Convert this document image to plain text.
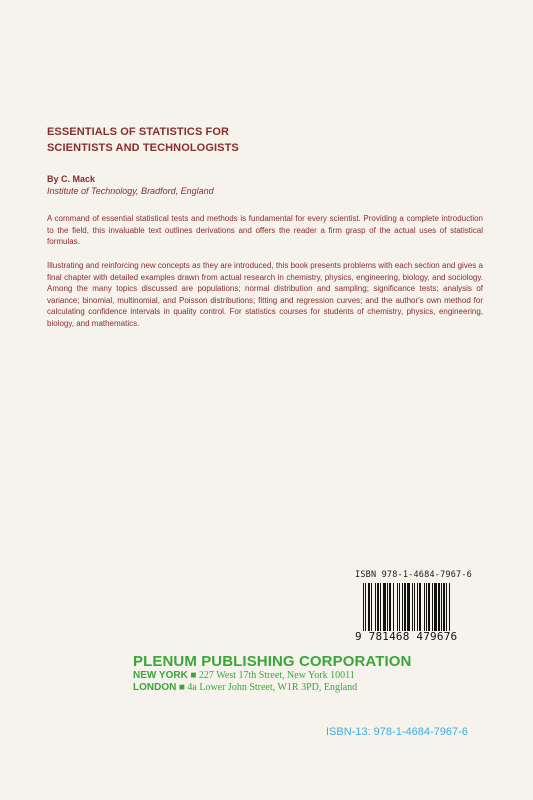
ESSENTIALS OF STATISTICS FOR
SCIENTISTS AND TECHNOLOGISTS
By C. Mack
Institute of Technology, Bradford, England

A command of essential statistical tests and methods is fundamental for every scientist. Providing a complete introduction to the field, this invaluable text outlines derivations and offers the reader a firm grasp of the actual uses of statistical formulas.

Illustrating and reinforcing new concepts as they are introduced, this book presents problems with each section and gives a final chapter with detailed examples drawn from actual research in chemistry, physics, engineering, biology, and sociology. Among the many topics discussed are populations; normal distribution and sampling; significance tests; analysis of variance; binomial, multinomial, and Poisson distributions; fitting and regression curves; and the author's own method for calculating confidence intervals in quality control. For statistics courses for students of chemistry, physics, engineering, biology, and mathematics.

ISBN 978-1-4684-7967-6
9 781468 479676
PLENUM PUBLISHING CORPORATION
NEW YORK ■ 227 West 17th Street, New York 10011
LONDON ■ 4a Lower John Street, W1R 3PD, England
ISBN-13: 978-1-4684-7967-6
